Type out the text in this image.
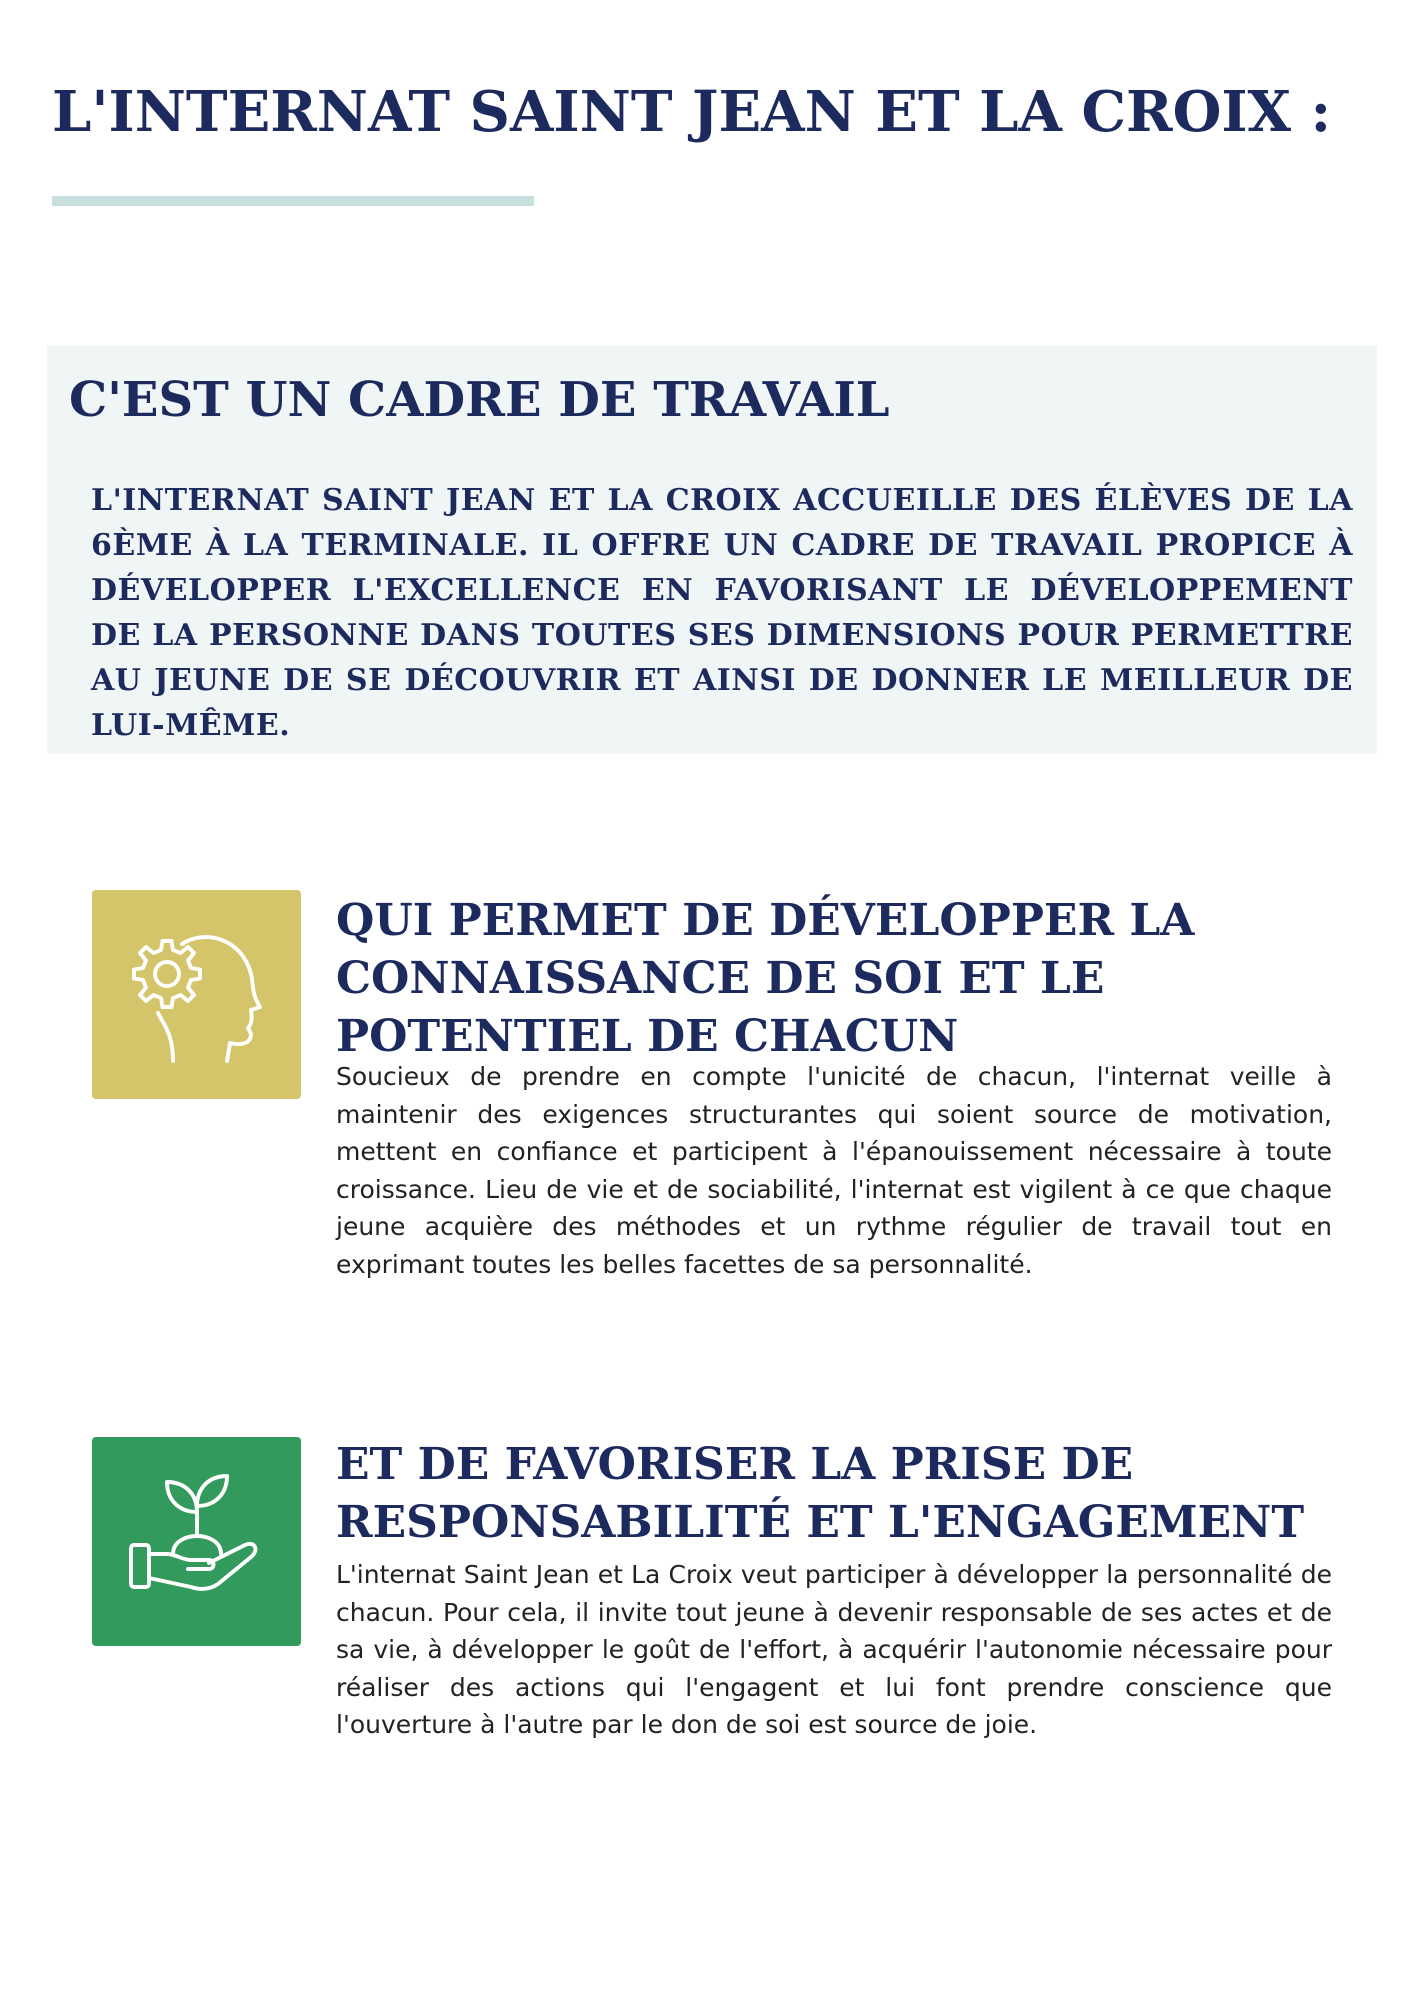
L'INTERNAT SAINT JEAN ET LA CROIX :
C'EST UN CADRE DE TRAVAIL

L'INTERNAT SAINT JEAN ET LA CROIX ACCUEILLE DES ÉLÈVES DE LA 6ÈME À LA TERMINALE. IL OFFRE UN CADRE DE TRAVAIL PROPICE À DÉVELOPPER L'EXCELLENCE EN FAVORISANT LE DÉVELOPPEMENT DE LA PERSONNE DANS TOUTES SES DIMENSIONS POUR PERMETTRE AU JEUNE DE SE DÉCOUVRIR ET AINSI DE DONNER LE MEILLEUR DE LUI-MÊME.

QUI PERMET DE DÉVELOPPER LA CONNAISSANCE DE SOI ET LE POTENTIEL DE CHACUN

Soucieux de prendre en compte l'unicité de chacun, l'internat veille à maintenir des exigences structurantes qui soient source de motivation, mettent en confiance et participent à l'épanouissement nécessaire à toute croissance. Lieu de vie et de sociabilité, l'internat est vigilent à ce que chaque jeune acquière des méthodes et un rythme régulier de travail tout en exprimant toutes les belles facettes de sa personnalité.

ET DE FAVORISER LA PRISE DE RESPONSABILITÉ ET L'ENGAGEMENT

L'internat Saint Jean et La Croix veut participer à développer la personnalité de chacun. Pour cela, il invite tout jeune à devenir responsable de ses actes et de sa vie, à développer le goût de l'effort, à acquérir l'autonomie nécessaire pour réaliser des actions qui l'engagent et lui font prendre conscience que l'ouverture à l'autre par le don de soi est source de joie.
